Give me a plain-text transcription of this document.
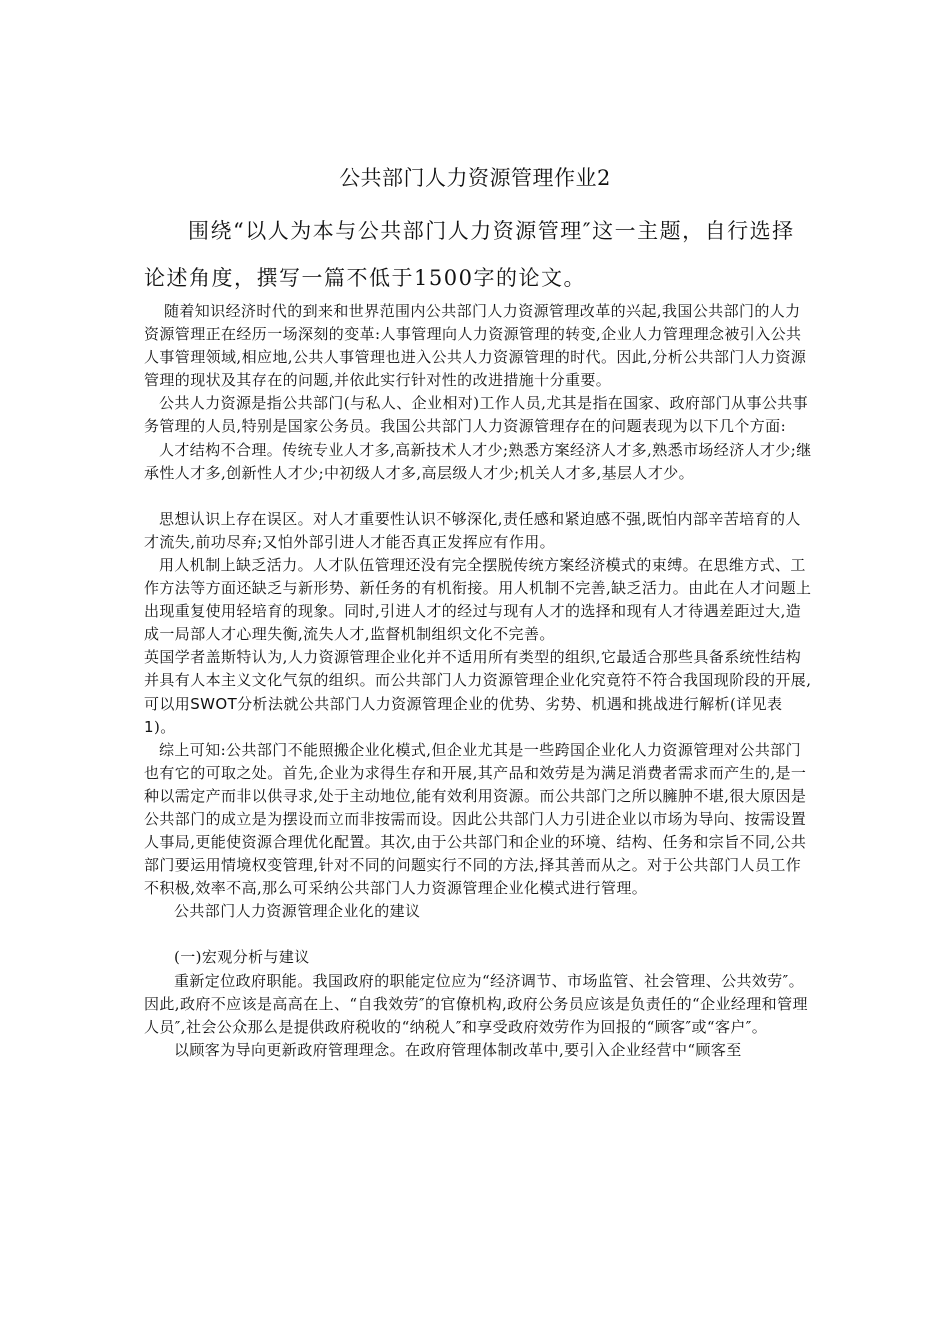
公共部门人力资源管理作业2
围绕“以人为本与公共部门人力资源管理″这一主题，自行选择论述角度，撰写一篇不低于1500字的论文。

随着知识经济时代的到来和世界范围内公共部门人力资源管理改革的兴起,我国公共部门的人力资源管理正在经历一场深刻的变革:人事管理向人力资源管理的转变,企业人力管理理念被引入公共人事管理领域,相应地,公共人事管理也进入公共人力资源管理的时代。因此,分析公共部门人力资源管理的现状及其存在的问题,并依此实行针对性的改进措施十分重要。

公共人力资源是指公共部门(与私人、企业相对)工作人员,尤其是指在国家、政府部门从事公共事务管理的人员,特别是国家公务员。我国公共部门人力资源管理存在的问题表现为以下几个方面:

人才结构不合理。传统专业人才多,高新技术人才少;熟悉方案经济人才多,熟悉市场经济人才少;继承性人才多,创新性人才少;中初级人才多,高层级人才少;机关人才多,基层人才少。

思想认识上存在误区。对人才重要性认识不够深化,责任感和紧迫感不强,既怕内部辛苦培育的人才流失,前功尽弃;又怕外部引进人才能否真正发挥应有作用。

用人机制上缺乏活力。人才队伍管理还没有完全摆脱传统方案经济模式的束缚。在思维方式、工作方法等方面还缺乏与新形势、新任务的有机衔接。用人机制不完善,缺乏活力。由此在人才问题上出现重复使用轻培育的现象。同时,引进人才的经过与现有人才的选择和现有人才待遇差距过大,造成一局部人才心理失衡,流失人才,监督机制组织文化不完善。

英国学者盖斯特认为,人力资源管理企业化并不适用所有类型的组织,它最适合那些具备系统性结构并具有人本主义文化气氛的组织。而公共部门人力资源管理企业化究竟符不符合我国现阶段的开展,可以用SWOT分析法就公共部门人力资源管理企业的优势、劣势、机遇和挑战进行解析(详见表1)。

综上可知:公共部门不能照搬企业化模式,但企业尤其是一些跨国企业化人力资源管理对公共部门也有它的可取之处。首先,企业为求得生存和开展,其产品和效劳是为满足消费者需求而产生的,是一种以需定产而非以供寻求,处于主动地位,能有效利用资源。而公共部门之所以臃肿不堪,很大原因是公共部门的成立是为摆设而立而非按需而设。因此公共部门人力引进企业以市场为导向、按需设置人事局,更能使资源合理优化配置。其次,由于公共部门和企业的环境、结构、任务和宗旨不同,公共部门要运用情境权变管理,针对不同的问题实行不同的方法,择其善而从之。对于公共部门人员工作不积极,效率不高,那么可采纳公共部门人力资源管理企业化模式进行管理。

公共部门人力资源管理企业化的建议

(一)宏观分析与建议

重新定位政府职能。我国政府的职能定位应为“经济调节、市场监管、社会管理、公共效劳″。因此,政府不应该是高高在上、“自我效劳″的官僚机构,政府公务员应该是负责任的“企业经理和管理人员″,社会公众那么是提供政府税收的“纳税人″和享受政府效劳作为回报的“顾客″或“客户″。

以顾客为导向更新政府管理理念。在政府管理体制改革中,要引入企业经营中“顾客至
